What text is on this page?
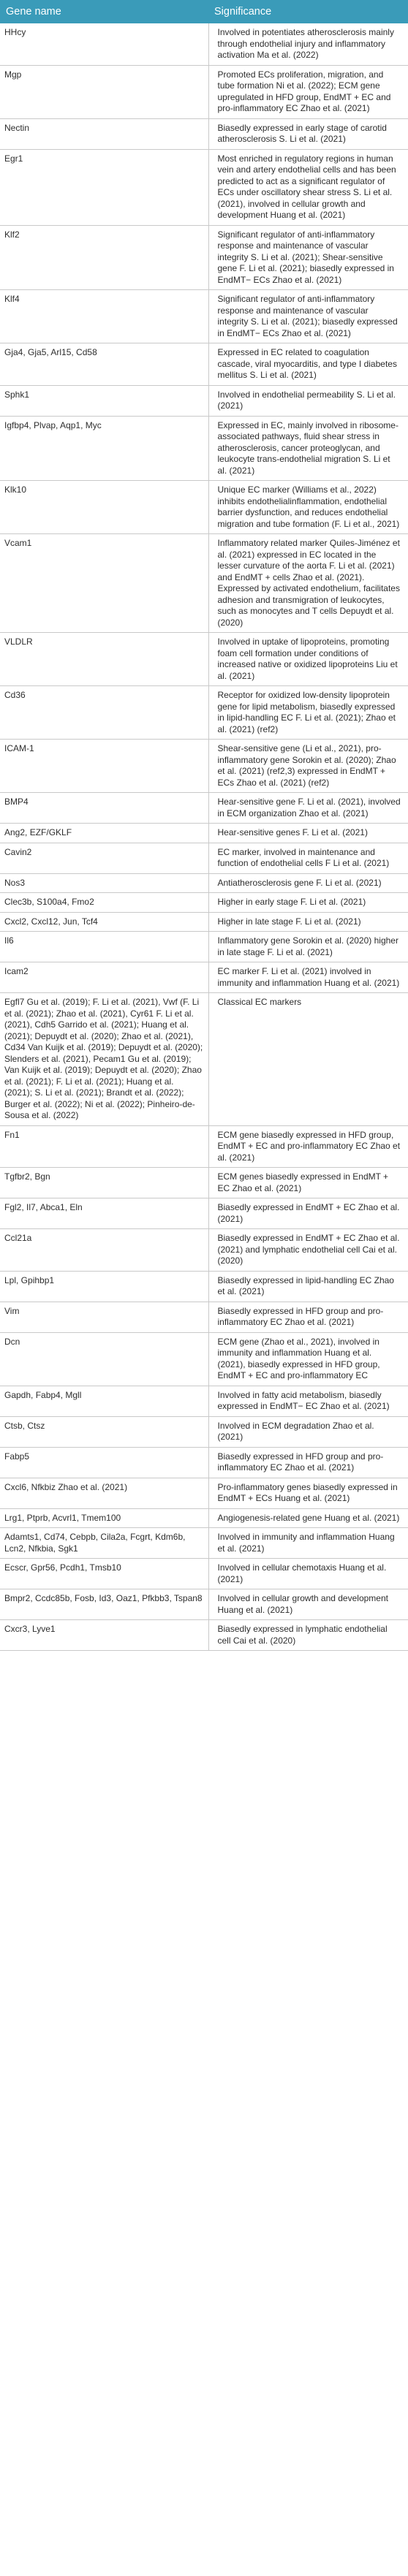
Gene name	Significance
HHcy	Involved in potentiates atherosclerosis mainly through endothelial injury and inflammatory activation Ma et al. (2022)
Mgp	Promoted ECs proliferation, migration, and tube formation Ni et al. (2022); ECM gene upregulated in HFD group, EndMT + EC and pro-inflammatory EC Zhao et al. (2021)
Nectin	Biasedly expressed in early stage of carotid atherosclerosis S. Li et al. (2021)
Egr1	Most enriched in regulatory regions in human vein and artery endothelial cells and has been predicted to act as a significant regulator of ECs under oscillatory shear stress S. Li et al. (2021), involved in cellular growth and development Huang et al. (2021)
Klf2	Significant regulator of anti-inflammatory response and maintenance of vascular integrity S. Li et al. (2021); Shear-sensitive gene F. Li et al. (2021); biasedly expressed in EndMT− ECs Zhao et al. (2021)
Klf4	Significant regulator of anti-inflammatory response and maintenance of vascular integrity S. Li et al. (2021); biasedly expressed in EndMT− ECs Zhao et al. (2021)
Gja4, Gja5, Arl15, Cd58	Expressed in EC related to coagulation cascade, viral myocarditis, and type I diabetes mellitus S. Li et al. (2021)
Sphk1	Involved in endothelial permeability S. Li et al. (2021)
Igfbp4, Plvap, Aqp1, Myc	Expressed in EC, mainly involved in ribosome-associated pathways, fluid shear stress in atherosclerosis, cancer proteoglycan, and leukocyte trans-endothelial migration S. Li et al. (2021)
Klk10	Unique EC marker (Williams et al., 2022) inhibits endothelialinflammation, endothelial barrier dysfunction, and reduces endothelial migration and tube formation (F. Li et al., 2021)
Vcam1	Inflammatory related marker Quiles-Jiménez et al. (2021) expressed in EC located in the lesser curvature of the aorta F. Li et al. (2021) and EndMT + cells Zhao et al. (2021). Expressed by activated endothelium, facilitates adhesion and transmigration of leukocytes, such as monocytes and T cells Depuydt et al. (2020)
VLDLR	Involved in uptake of lipoproteins, promoting foam cell formation under conditions of increased native or oxidized lipoproteins Liu et al. (2021)
Cd36	Receptor for oxidized low-density lipoprotein gene for lipid metabolism, biasedly expressed in lipid-handling EC F. Li et al. (2021); Zhao et al. (2021) (ref2)
ICAM-1	Shear-sensitive gene (Li et al., 2021), pro-inflammatory gene Sorokin et al. (2020); Zhao et al. (2021) (ref2,3) expressed in EndMT + ECs Zhao et al. (2021) (ref2)
BMP4	Hear-sensitive gene F. Li et al. (2021), involved in ECM organization Zhao et al. (2021)
Ang2, EZF/GKLF	Hear-sensitive genes F. Li et al. (2021)
Cavin2	EC marker, involved in maintenance and function of endothelial cells F Li et al. (2021)
Nos3	Antiatherosclerosis gene F. Li et al. (2021)
Clec3b, S100a4, Fmo2	Higher in early stage F. Li et al. (2021)
Cxcl2, Cxcl12, Jun, Tcf4	Higher in late stage F. Li et al. (2021)
Il6	Inflammatory gene Sorokin et al. (2020) higher in late stage F. Li et al. (2021)
Icam2	EC marker F. Li et al. (2021) involved in immunity and inflammation Huang et al. (2021)
Egfl7 Gu et al. (2019); F. Li et al. (2021), Vwf (F. Li et al. (2021); Zhao et al. (2021), Cyr61 F. Li et al. (2021), Cdh5 Garrido et al. (2021); Huang et al. (2021); Depuydt et al. (2020); Zhao et al. (2021), Cd34 Van Kuijk et al. (2019); Depuydt et al. (2020); Slenders et al. (2021), Pecam1 Gu et al. (2019); Van Kuijk et al. (2019); Depuydt et al. (2020); Zhao et al. (2021); F. Li et al. (2021); Huang et al. (2021); S. Li et al. (2021); Brandt et al. (2022); Burger et al. (2022); Ni et al. (2022); Pinheiro-de-Sousa et al. (2022)	Classical EC markers
Fn1	ECM gene biasedly expressed in HFD group, EndMT + EC and pro-inflammatory EC Zhao et al. (2021)
Tgfbr2, Bgn	ECM genes biasedly expressed in EndMT + EC Zhao et al. (2021)
Fgl2, Il7, Abca1, Eln	Biasedly expressed in EndMT + EC Zhao et al. (2021)
Ccl21a	Biasedly expressed in EndMT + EC Zhao et al. (2021) and lymphatic endothelial cell Cai et al. (2020)
Lpl, Gpihbp1	Biasedly expressed in lipid-handling EC Zhao et al. (2021)
Vim	Biasedly expressed in HFD group and pro-inflammatory EC Zhao et al. (2021)
Dcn	ECM gene (Zhao et al., 2021), involved in immunity and inflammation Huang et al. (2021), biasedly expressed in HFD group, EndMT + EC and pro-inflammatory EC
Gapdh, Fabp4, Mgll	Involved in fatty acid metabolism, biasedly expressed in EndMT− EC Zhao et al. (2021)
Ctsb, Ctsz	Involved in ECM degradation Zhao et al. (2021)
Fabp5	Biasedly expressed in HFD group and pro-inflammatory EC Zhao et al. (2021)
Cxcl6, Nfkbiz Zhao et al. (2021)	Pro-inflammatory genes biasedly expressed in EndMT + ECs Huang et al. (2021)
Lrg1, Ptprb, Acvrl1, Tmem100	Angiogenesis-related gene Huang et al. (2021)
Adamts1, Cd74, Cebpb, Cila2a, Fcgrt, Kdm6b, Lcn2, Nfkbia, Sgk1	Involved in immunity and inflammation Huang et al. (2021)
Ecscr, Gpr56, Pcdh1, Tmsb10	Involved in cellular chemotaxis Huang et al. (2021)
Bmpr2, Ccdc85b, Fosb, Id3, Oaz1, Pfkbb3, Tspan8	Involved in cellular growth and development Huang et al. (2021)
Cxcr3, Lyve1	Biasedly expressed in lymphatic endothelial cell Cai et al. (2020)
